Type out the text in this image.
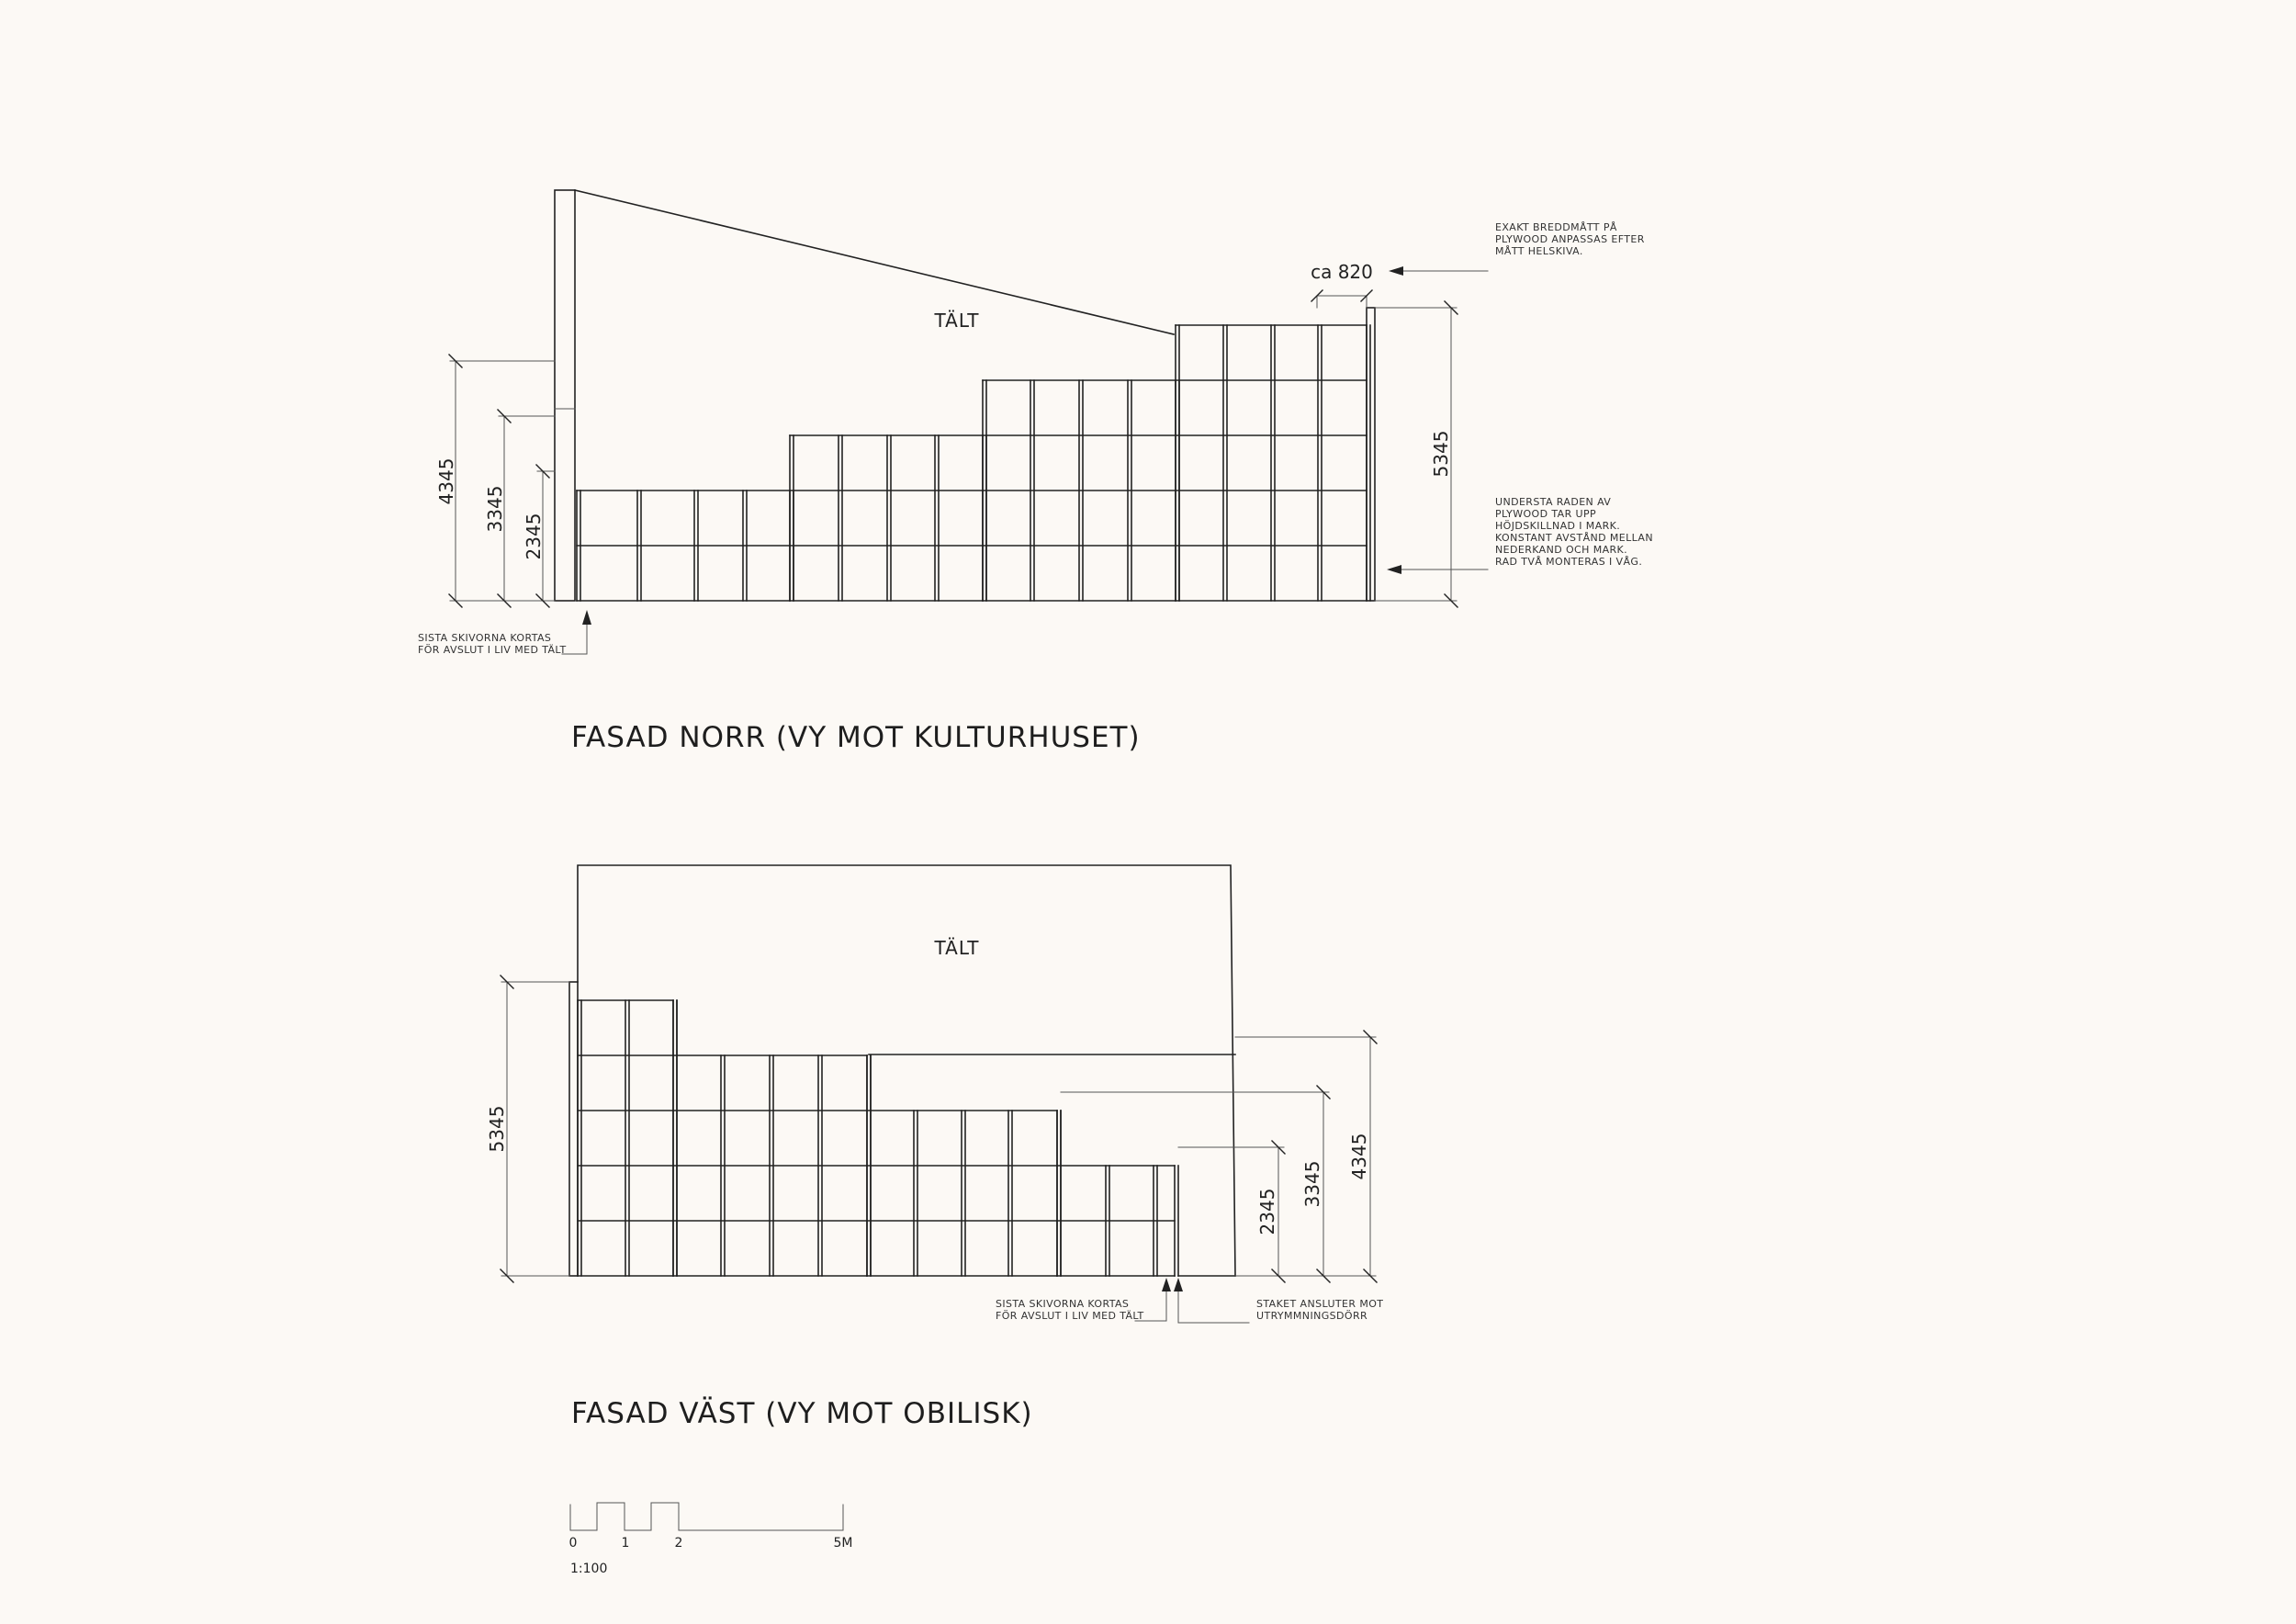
TÄLT
4345
3345
2345
5345
ca 820
SISTA SKIVORNA KORTAS FÖR AVSLUT I LIV MED TÄLT
EXAKT BREDDMÅTT PÅ PLYWOOD ANPASSAS EFTER MÅTT HELSKIVA.
UNDERSTA RADEN AV PLYWOOD TAR UPP HÖJDSKILLNAD I MARK. KONSTANT AVSTÅND MELLAN NEDERKAND OCH MARK. RAD TVÅ MONTERAS I VÅG.
FASAD NORR (VY MOT KULTURHUSET)
TÄLT
5345
2345
3345
4345
SISTA SKIVORNA KORTAS FÖR AVSLUT I LIV MED TÄLT
STAKET ANSLUTER MOT UTRYMMNINGSDÖRR
FASAD VÄST (VY MOT OBILISK)
0	1	2	5M
1:100
